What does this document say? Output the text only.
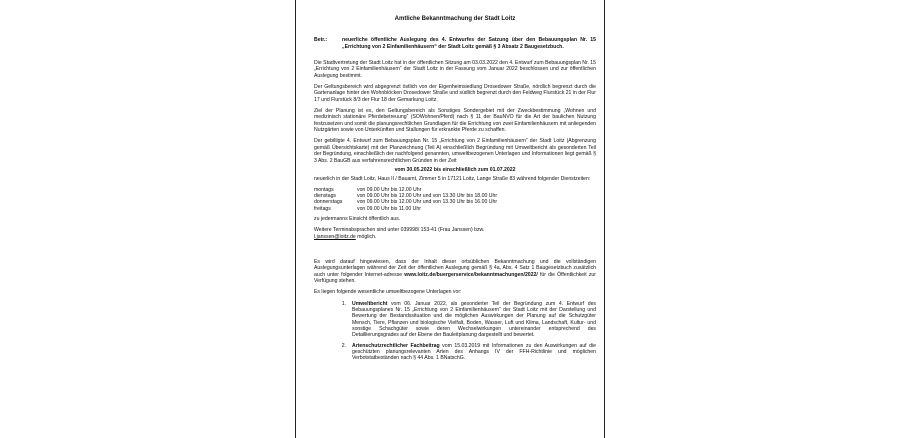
Amtliche Bekanntmachung der Stadt Loitz
Betr.:	neuerliche öffentliche Auslegung des 4. Entwurfes der Satzung über den Bebauungsplan Nr. 15 „Errichtung von 2 Einfamilienhäusern“ der Stadt Loitz gemäß § 3 Absatz 2 Baugesetzbuch.

Die Stadtvertretung der Stadt Loitz hat in der öffentlichen Sitzung am 03.03.2022 den 4. Entwurf zum Bebauungsplan Nr. 15 „Errichtung von 2 Einfamilienhäusern“ der Stadt Loitz in der Fassung vom Januar 2022 beschlossen und zur öffentlichen Auslegung bestimmt.

Der Geltungsbereich wird abgegrenzt östlich von der Eigenheimsiedlung Drosedower Straße, nördlich begrenzt durch die Gartenanlage hinter den Wohnblöcken Drosedower Straße und südlich begrenzt durch den Feldweg Flurstück 21 in der Flur 17 und Flurstück 8/3 der Flur 18 der Gemarkung Loitz.

Ziel der Planung ist es, den Geltungsbereich als Sonstiges Sondergebiet mit der Zweckbestimmung „Wohnen und medizinisch stationäre Pferdebetreuung“ (SOWohnen/Pferd) nach § 11 der BauNVO für die Art der baulichen Nutzung festzusetzen und somit die planungsrechtlichen Grundlagen für die Errichtung von zwei Einfamilienhäusern mit anliegenden Nutzgärten sowie von Unterkünften und Stallungen für erkrankte Pferde zu schaffen.

Der gebilligte 4. Entwurf zum Bebauungsplan Nr. 15 „Errichtung von 2 Einfamilienhäusern“ der Stadt Loitz (Abgrenzung gemäß Übersichtskarte) mit der Planzeichnung (Teil A) einschließlich Begründung mit Umweltbericht als gesonderten Teil der Begründung, einschließlich der nachfolgend genannten, umweltbezogenen Unterlagen und Informationen liegt gemäß § 3 Abs. 2 BauGB aus verfahrensrechtlichen Gründen in der Zeit

vom 30.05.2022 bis einschließlich zum 01.07.2022

neuerlich in der Stadt Loitz, Haus II / Bauamt, Zimmer 5 in 17121 Loitz, Lange Straße 83 während folgender Dienstzeiten:

montags	von 09.00 Uhr bis 12.00 Uhr
dienstags	von 09.00 Uhr bis 12.00 Uhr und von 13.30 Uhr bis 18.00 Uhr
donnerstags	von 09.00 Uhr bis 12.00 Uhr und von 13.30 Uhr bis 16.00 Uhr
freitags	von 09.00 Uhr bis 11.00 Uhr

zu jedermanns Einsicht öffentlich aus.

Weitere Terminabsprachen sind unter 039998/ 153-41 (Frau Janssen) bzw.
l.janssen@loitz.de möglich.

Es wird darauf hingewiesen, dass der Inhalt dieser ortsüblichen Bekanntmachung und die vollständigen Auslegungsunterlagen während der Zeit der öffentlichen Auslegung gemäß § 4a, Abs. 4 Satz 1 Baugesetzbuch zusätzlich auch unter folgender Internet-adresse www.loitz.de/buergerservice/bekanntmachungen/2022/ für die Öffentlichkeit zur Verfügung stehen.

Es liegen folgende wesentliche umweltbezogene Unterlagen vor:

1.	Umweltbericht vom 06. Januar 2022, als gesonderter Teil der Begründung zum 4. Entwurf des Bebauungsplanes Nr. 15 „Errichtung von 2 Einfamilienhäusern“ der Stadt Loitz mit der Darstellung und Bewertung der Bestandssituation und die möglichen Auswirkungen der Planung auf die Schutzgüter Mensch, Tiere, Pflanzen und biologische Vielfalt, Boden, Wasser, Luft und Klima, Landschaft, Kultur- und sonstige Schachgüter sowie deren Wechselwirkungen untereinander entsprechend des Detaillierungsgrades auf der Ebene der Bauleitplanung dargestellt und bewertet.
2.	Artenschutzrechtlicher Fachbeitrag vom 15.03.2019 mit Informationen zu den Auswirkungen auf die geschützten planungsrelevanten Arten des Anhangs IV der FFH-Richtlinie und möglichen Verbotstatbeständen nach § 44 Abs. 1 BNatschG.
